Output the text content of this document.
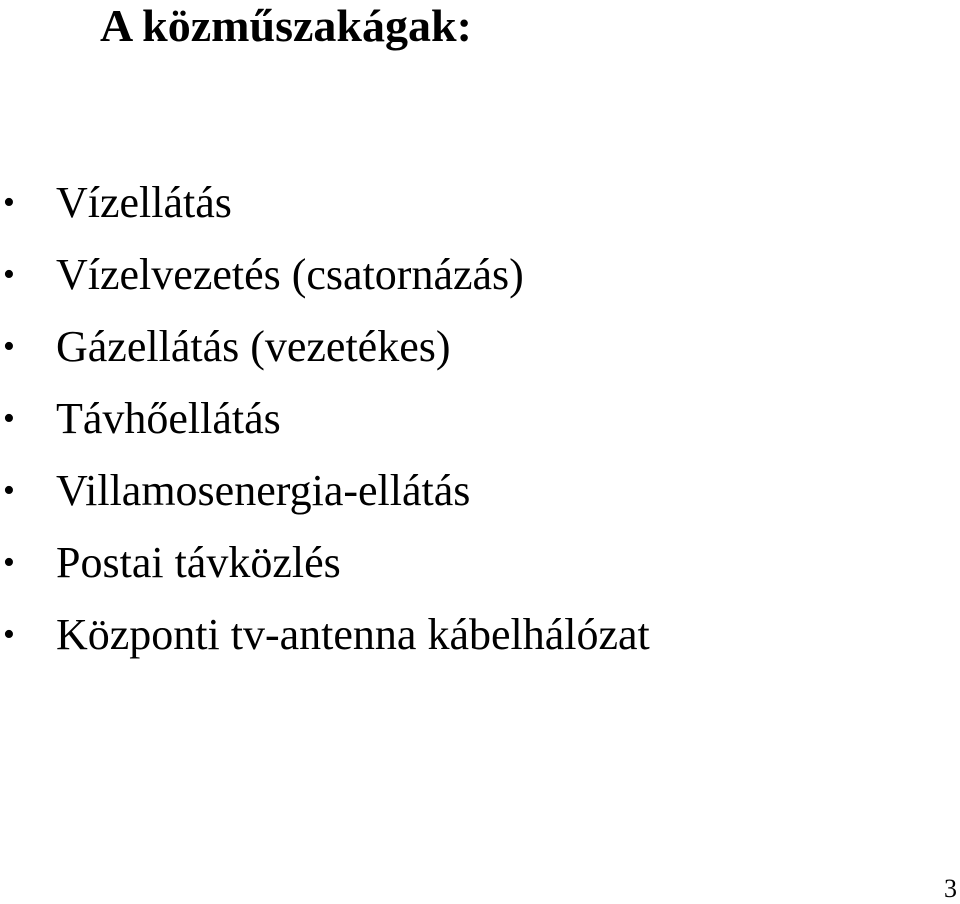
A közműszakágak:
• Vízellátás
• Vízelvezetés (csatornázás)
• Gázellátás (vezetékes)
• Távhőellátás
• Villamosenergia-ellátás
• Postai távközlés
• Központi tv-antenna kábelhálózat
3
